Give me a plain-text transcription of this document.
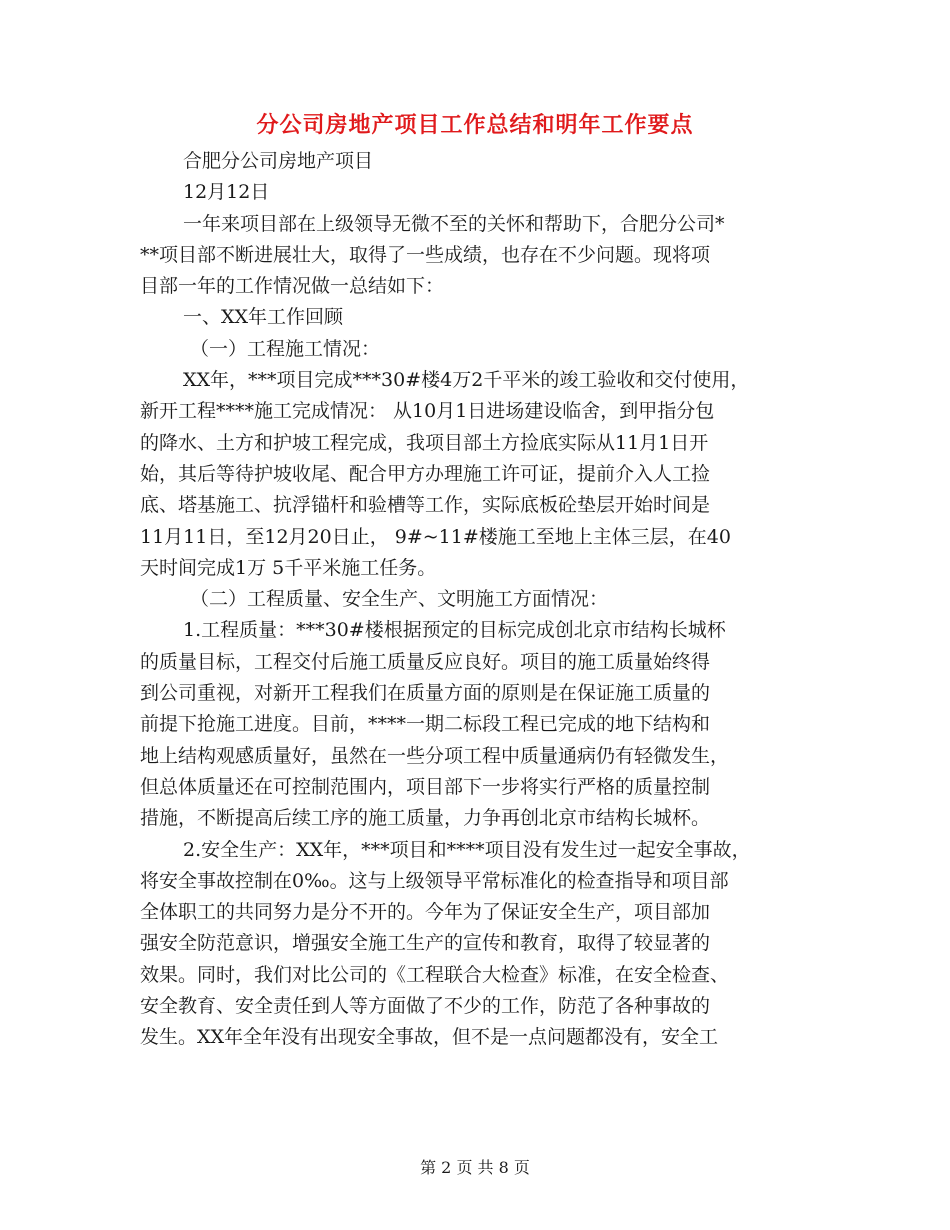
分公司房地产项目工作总结和明年工作要点
合肥分公司房地产项目
12月12日
一年来项目部在上级领导无微不至的关怀和帮助下，合肥分公司*
**项目部不断进展壮大，取得了一些成绩，也存在不少问题。现将项
目部一年的工作情况做一总结如下：
一、XX年工作回顾
（一）工程施工情况：
XX年，***项目完成***30#楼4万2千平米的竣工验收和交付使用，
新开工程****施工完成情况： 从10月1日进场建设临舍，到甲指分包
的降水、土方和护坡工程完成，我项目部土方捡底实际从11月1日开
始，其后等待护坡收尾、配合甲方办理施工许可证，提前介入人工捡
底、塔基施工、抗浮锚杆和验槽等工作，实际底板砼垫层开始时间是
11月11日，至12月20日止， 9#~11#楼施工至地上主体三层，在40
天时间完成1万 5千平米施工任务。
（二）工程质量、安全生产、文明施工方面情况：
1.工程质量：***30#楼根据预定的目标完成创北京市结构长城杯
的质量目标，工程交付后施工质量反应良好。项目的施工质量始终得
到公司重视，对新开工程我们在质量方面的原则是在保证施工质量的
前提下抢施工进度。目前，****一期二标段工程已完成的地下结构和
地上结构观感质量好，虽然在一些分项工程中质量通病仍有轻微发生，
但总体质量还在可控制范围内，项目部下一步将实行严格的质量控制
措施，不断提高后续工序的施工质量，力争再创北京市结构长城杯。
2.安全生产：XX年，***项目和****项目没有发生过一起安全事故，
将安全事故控制在0‰。这与上级领导平常标准化的检查指导和项目部
全体职工的共同努力是分不开的。今年为了保证安全生产，项目部加
强安全防范意识，增强安全施工生产的宣传和教育，取得了较显著的
效果。同时，我们对比公司的《工程联合大检查》标准，在安全检查、
安全教育、安全责任到人等方面做了不少的工作，防范了各种事故的
发生。XX年全年没有出现安全事故，但不是一点问题都没有，安全工
第 2 页 共 8 页
